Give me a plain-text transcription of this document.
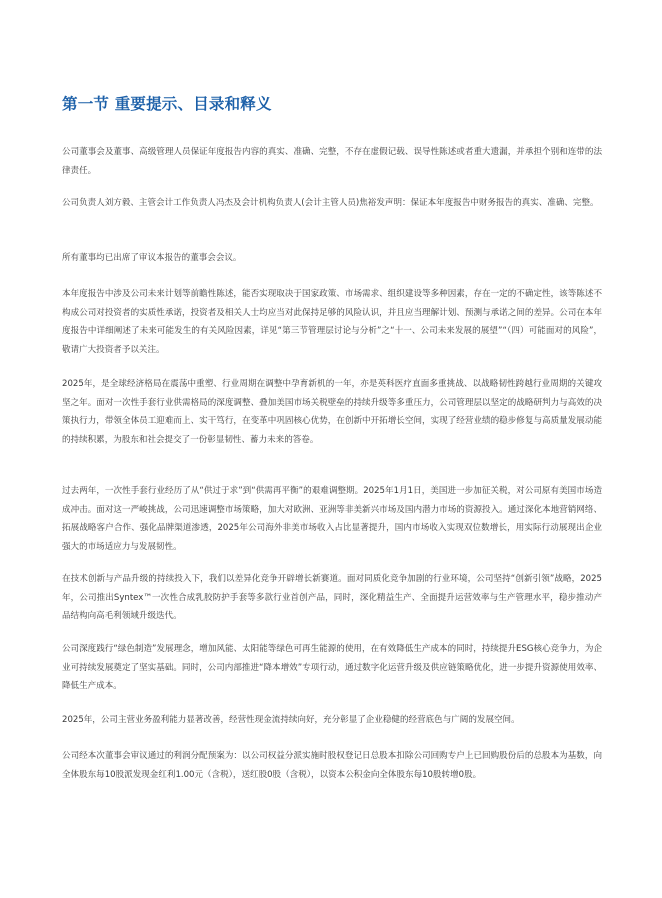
第一节 重要提示、目录和释义

公司董事会及董事、高级管理人员保证年度报告内容的真实、准确、完整，不存在虚假记载、误导性陈述或者重大遗漏，并承担个别和连带的法律责任。

公司负责人刘方毅、主管会计工作负责人冯杰及会计机构负责人(会计主管人员)焦裕发声明：保证本年度报告中财务报告的真实、准确、完整。

所有董事均已出席了审议本报告的董事会会议。

本年度报告中涉及公司未来计划等前瞻性陈述，能否实现取决于国家政策、市场需求、组织建设等多种因素，存在一定的不确定性，该等陈述不构成公司对投资者的实质性承诺，投资者及相关人士均应当对此保持足够的风险认识，并且应当理解计划、预测与承诺之间的差异。公司在本年度报告中详细阐述了未来可能发生的有关风险因素，详见“第三节管理层讨论与分析”之“十一、公司未来发展的展望”“（四）可能面对的风险”，敬请广大投资者予以关注。

2025年，是全球经济格局在震荡中重塑、行业周期在调整中孕育新机的一年，亦是英科医疗直面多重挑战、以战略韧性跨越行业周期的关键攻坚之年。面对一次性手套行业供需格局的深度调整、叠加美国市场关税壁垒的持续升级等多重压力，公司管理层以坚定的战略研判力与高效的决策执行力，带领全体员工迎难而上、实干笃行，在变革中巩固核心优势，在创新中开拓增长空间，实现了经营业绩的稳步修复与高质量发展动能的持续积累，为股东和社会提交了一份彰显韧性、蓄力未来的答卷。

过去两年，一次性手套行业经历了从“供过于求”到“供需再平衡”的艰难调整期。2025年1月1日，美国进一步加征关税，对公司原有美国市场造成冲击。面对这一严峻挑战，公司迅速调整市场策略，加大对欧洲、亚洲等非美新兴市场及国内潜力市场的资源投入。通过深化本地营销网络、拓展战略客户合作、强化品牌渠道渗透，2025年公司海外非美市场收入占比显著提升，国内市场收入实现双位数增长，用实际行动展现出企业强大的市场适应力与发展韧性。

在技术创新与产品升级的持续投入下，我们以差异化竞争开辟增长新赛道。面对同质化竞争加剧的行业环境，公司坚持“创新引领”战略，2025年，公司推出Syntex™一次性合成乳胶防护手套等多款行业首创产品，同时，深化精益生产、全面提升运营效率与生产管理水平，稳步推动产品结构向高毛利领域升级迭代。

公司深度践行“绿色制造”发展理念，增加风能、太阳能等绿色可再生能源的使用，在有效降低生产成本的同时，持续提升ESG核心竞争力，为企业可持续发展奠定了坚实基础。同时，公司内部推进“降本增效”专项行动，通过数字化运营升级及供应链策略优化，进一步提升资源使用效率、降低生产成本。

2025年，公司主营业务盈利能力显著改善，经营性现金流持续向好，充分彰显了企业稳健的经营底色与广阔的发展空间。

公司经本次董事会审议通过的利润分配预案为：以公司权益分派实施时股权登记日总股本扣除公司回购专户上已回购股份后的总股本为基数，向全体股东每10股派发现金红利1.00元（含税），送红股0股（含税），以资本公积金向全体股东每10股转增0股。
